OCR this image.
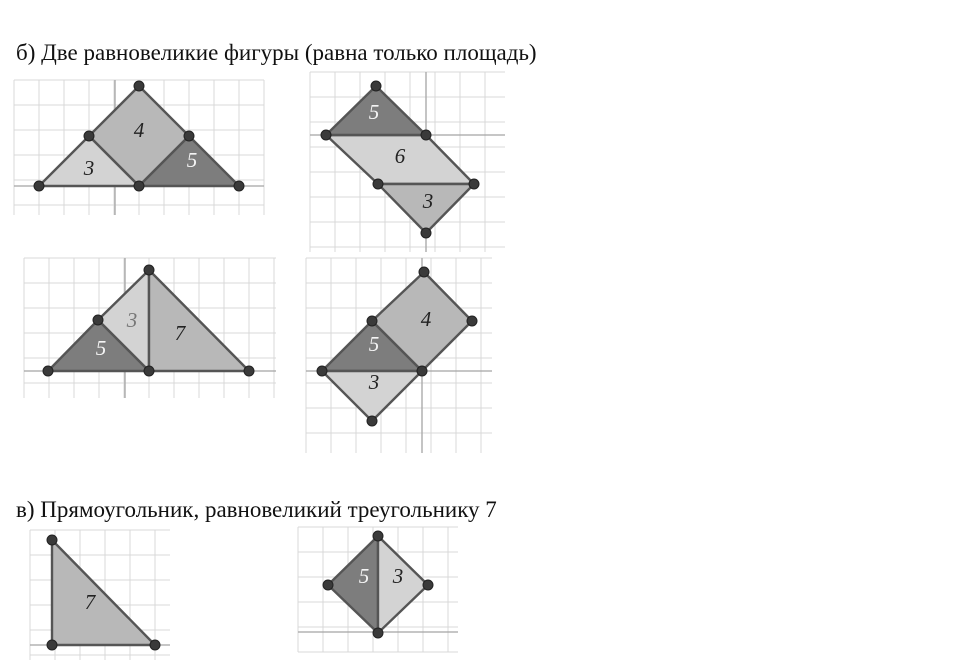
б) Две равновеликие фигуры (равна только площадь)
в) Прямоугольник, равновеликий треугольнику 7
3
4
5
5
6
3
3
5
7
4
5
3
7
5 3
